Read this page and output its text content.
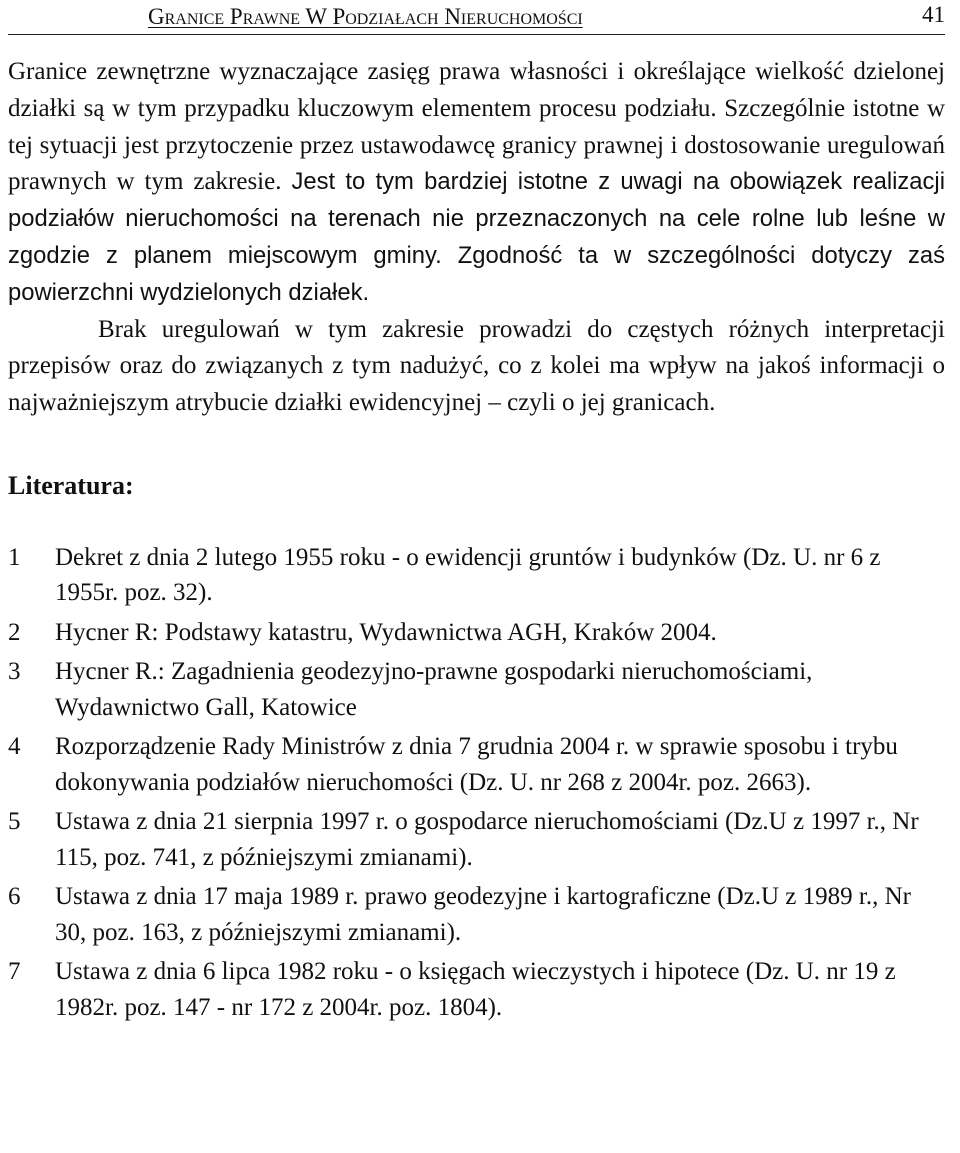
Granice Prawne W Podziałach Nieruchomości	41

Granice zewnętrzne wyznaczające zasięg prawa własności i określające wielkość dzielonej działki są w tym przypadku kluczowym elementem procesu podziału. Szczególnie istotne w tej sytuacji jest przytoczenie przez ustawodawcę granicy prawnej i dostosowanie uregulowań prawnych w tym zakresie. Jest to tym bardziej istotne z uwagi na obowiązek realizacji podziałów nieruchomości na terenach nie przeznaczonych na cele rolne lub leśne w zgodzie z planem miejscowym gminy. Zgodność ta w szczególności dotyczy zaś powierzchni wydzielonych działek.

Brak uregulowań w tym zakresie prowadzi do częstych różnych interpretacji przepisów oraz do związanych z tym nadużyć, co z kolei ma wpływ na jakoś informacji o najważniejszym atrybucie działki ewidencyjnej – czyli o jej granicach.

Literatura:
1	Dekret z dnia 2 lutego 1955 roku - o ewidencji gruntów i budynków (Dz. U. nr 6 z 1955r. poz. 32).
2	Hycner R: Podstawy katastru, Wydawnictwa AGH, Kraków 2004.
3	Hycner R.: Zagadnienia geodezyjno-prawne gospodarki nieruchomościami, Wydawnictwo Gall, Katowice
4	Rozporządzenie Rady Ministrów z dnia 7 grudnia 2004 r. w sprawie sposobu i trybu dokonywania podziałów nieruchomości (Dz. U. nr 268 z 2004r. poz. 2663).
5	Ustawa z dnia 21 sierpnia 1997 r. o gospodarce nieruchomościami (Dz.U z 1997 r., Nr 115, poz. 741, z późniejszymi zmianami).
6	Ustawa z dnia 17 maja 1989 r. prawo geodezyjne i kartograficzne (Dz.U z 1989 r., Nr 30, poz. 163, z późniejszymi zmianami).
7	Ustawa z dnia 6 lipca 1982 roku - o księgach wieczystych i hipotece (Dz. U. nr 19 z 1982r. poz. 147 - nr 172 z 2004r. poz. 1804).
